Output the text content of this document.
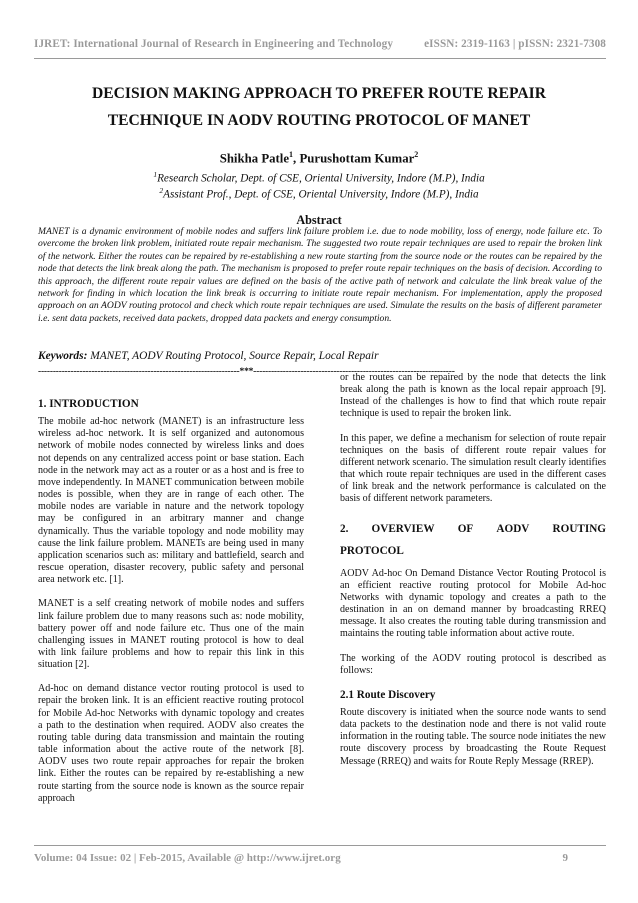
IJRET: International Journal of Research in Engineering and Technology	eISSN: 2319-1163 | pISSN: 2321-7308
DECISION MAKING APPROACH TO PREFER ROUTE REPAIR
TECHNIQUE IN AODV ROUTING PROTOCOL OF MANET
Shikha Patle$^1$, Purushottam Kumar$^2$
$^1$Research Scholar, Dept. of CSE, Oriental University, Indore (M.P), India
$^2$Assistant Prof., Dept. of CSE, Oriental University, Indore (M.P), India
Abstract

MANET is a dynamic environment of mobile nodes and suffers link failure problem i.e. due to node mobility, loss of energy, node failure etc. To overcome the broken link problem, initiated route repair mechanism. The suggested two route repair techniques are used to repair the broken link of the network. Either the routes can be repaired by re-establishing a new route starting from the source node or the routes can be repaired by the node that detects the link break along the path. The mechanism is proposed to prefer route repair techniques on the basis of decision. According to this approach, the different route repair values are defined on the basis of the active path of network and calculate the link break value of the network for finding in which location the link break is occurring to initiate route repair mechanism. For implementation, apply the proposed approach on an AODV routing protocol and check which route repair techniques are used. Simulate the results on the basis of different parameter i.e. sent data packets, received data packets, dropped data packets and energy consumption.

Keywords: MANET, AODV Routing Protocol, Source Repair, Local Repair
--------------------------------------------------------------------***--------------------------------------------------------------------
1. INTRODUCTION

The mobile ad-hoc network (MANET) is an infrastructure less wireless ad-hoc network. It is self organized and autonomous network of mobile nodes connected by wireless links and does not depends on any centralized access point or base station. Each node in the network may act as a router or as a host and is free to move independently. In MANET communication between mobile nodes is possible, when they are in range of each other. The mobile nodes are variable in nature and the network topology may be configured in an arbitrary manner and change dynamically. Thus the variable topology and node mobility may cause the link failure problem. MANETs are being used in many application scenarios such as: military and battlefield, search and rescue operation, disaster recovery, public safety and personal area network etc. [1].

MANET is a self creating network of mobile nodes and suffers link failure problem due to many reasons such as: node mobility, battery power off and node failure etc. Thus one of the main challenging issues in MANET routing protocol is how to deal with link failure problems and how to repair this link in this situation [2].

Ad-hoc on demand distance vector routing protocol is used to repair the broken link. It is an efficient reactive routing protocol for Mobile Ad-hoc Networks with dynamic topology and creates a path to the destination when required. AODV also creates the routing table during data transmission and maintain the routing table information about the active route of the network [8]. AODV uses two route repair approaches for repair the broken link. Either the routes can be repaired by re-establishing a new route starting from the source node is known as the source repair approach

or the routes can be repaired by the node that detects the link break along the path is known as the local repair approach [9]. Instead of the challenges is how to find that which route repair technique is used to repair the broken link.

In this paper, we define a mechanism for selection of route repair techniques on the basis of different route repair values for different network scenario. The simulation result clearly identifies that which route repair techniques are used in the different cases of link break and the network performance is calculated on the basis of different network parameters.

2. OVERVIEW OF AODV ROUTING
PROTOCOL

AODV Ad-hoc On Demand Distance Vector Routing Protocol is an efficient reactive routing protocol for Mobile Ad-hoc Networks with dynamic topology and creates a path to the destination in an on demand manner by broadcasting RREQ message. It also creates the routing table during transmission and maintains the routing table information about active route.

The working of the AODV routing protocol is described as follows:

2.1 Route Discovery

Route discovery is initiated when the source node wants to send data packets to the destination node and there is not valid route information in the routing table. The source node initiates the new route discovery process by broadcasting the Route Request Message (RREQ) and waits for Route Reply Message (RREP).

Volume: 04 Issue: 02 | Feb-2015, Available @ http://www.ijret.org	9
